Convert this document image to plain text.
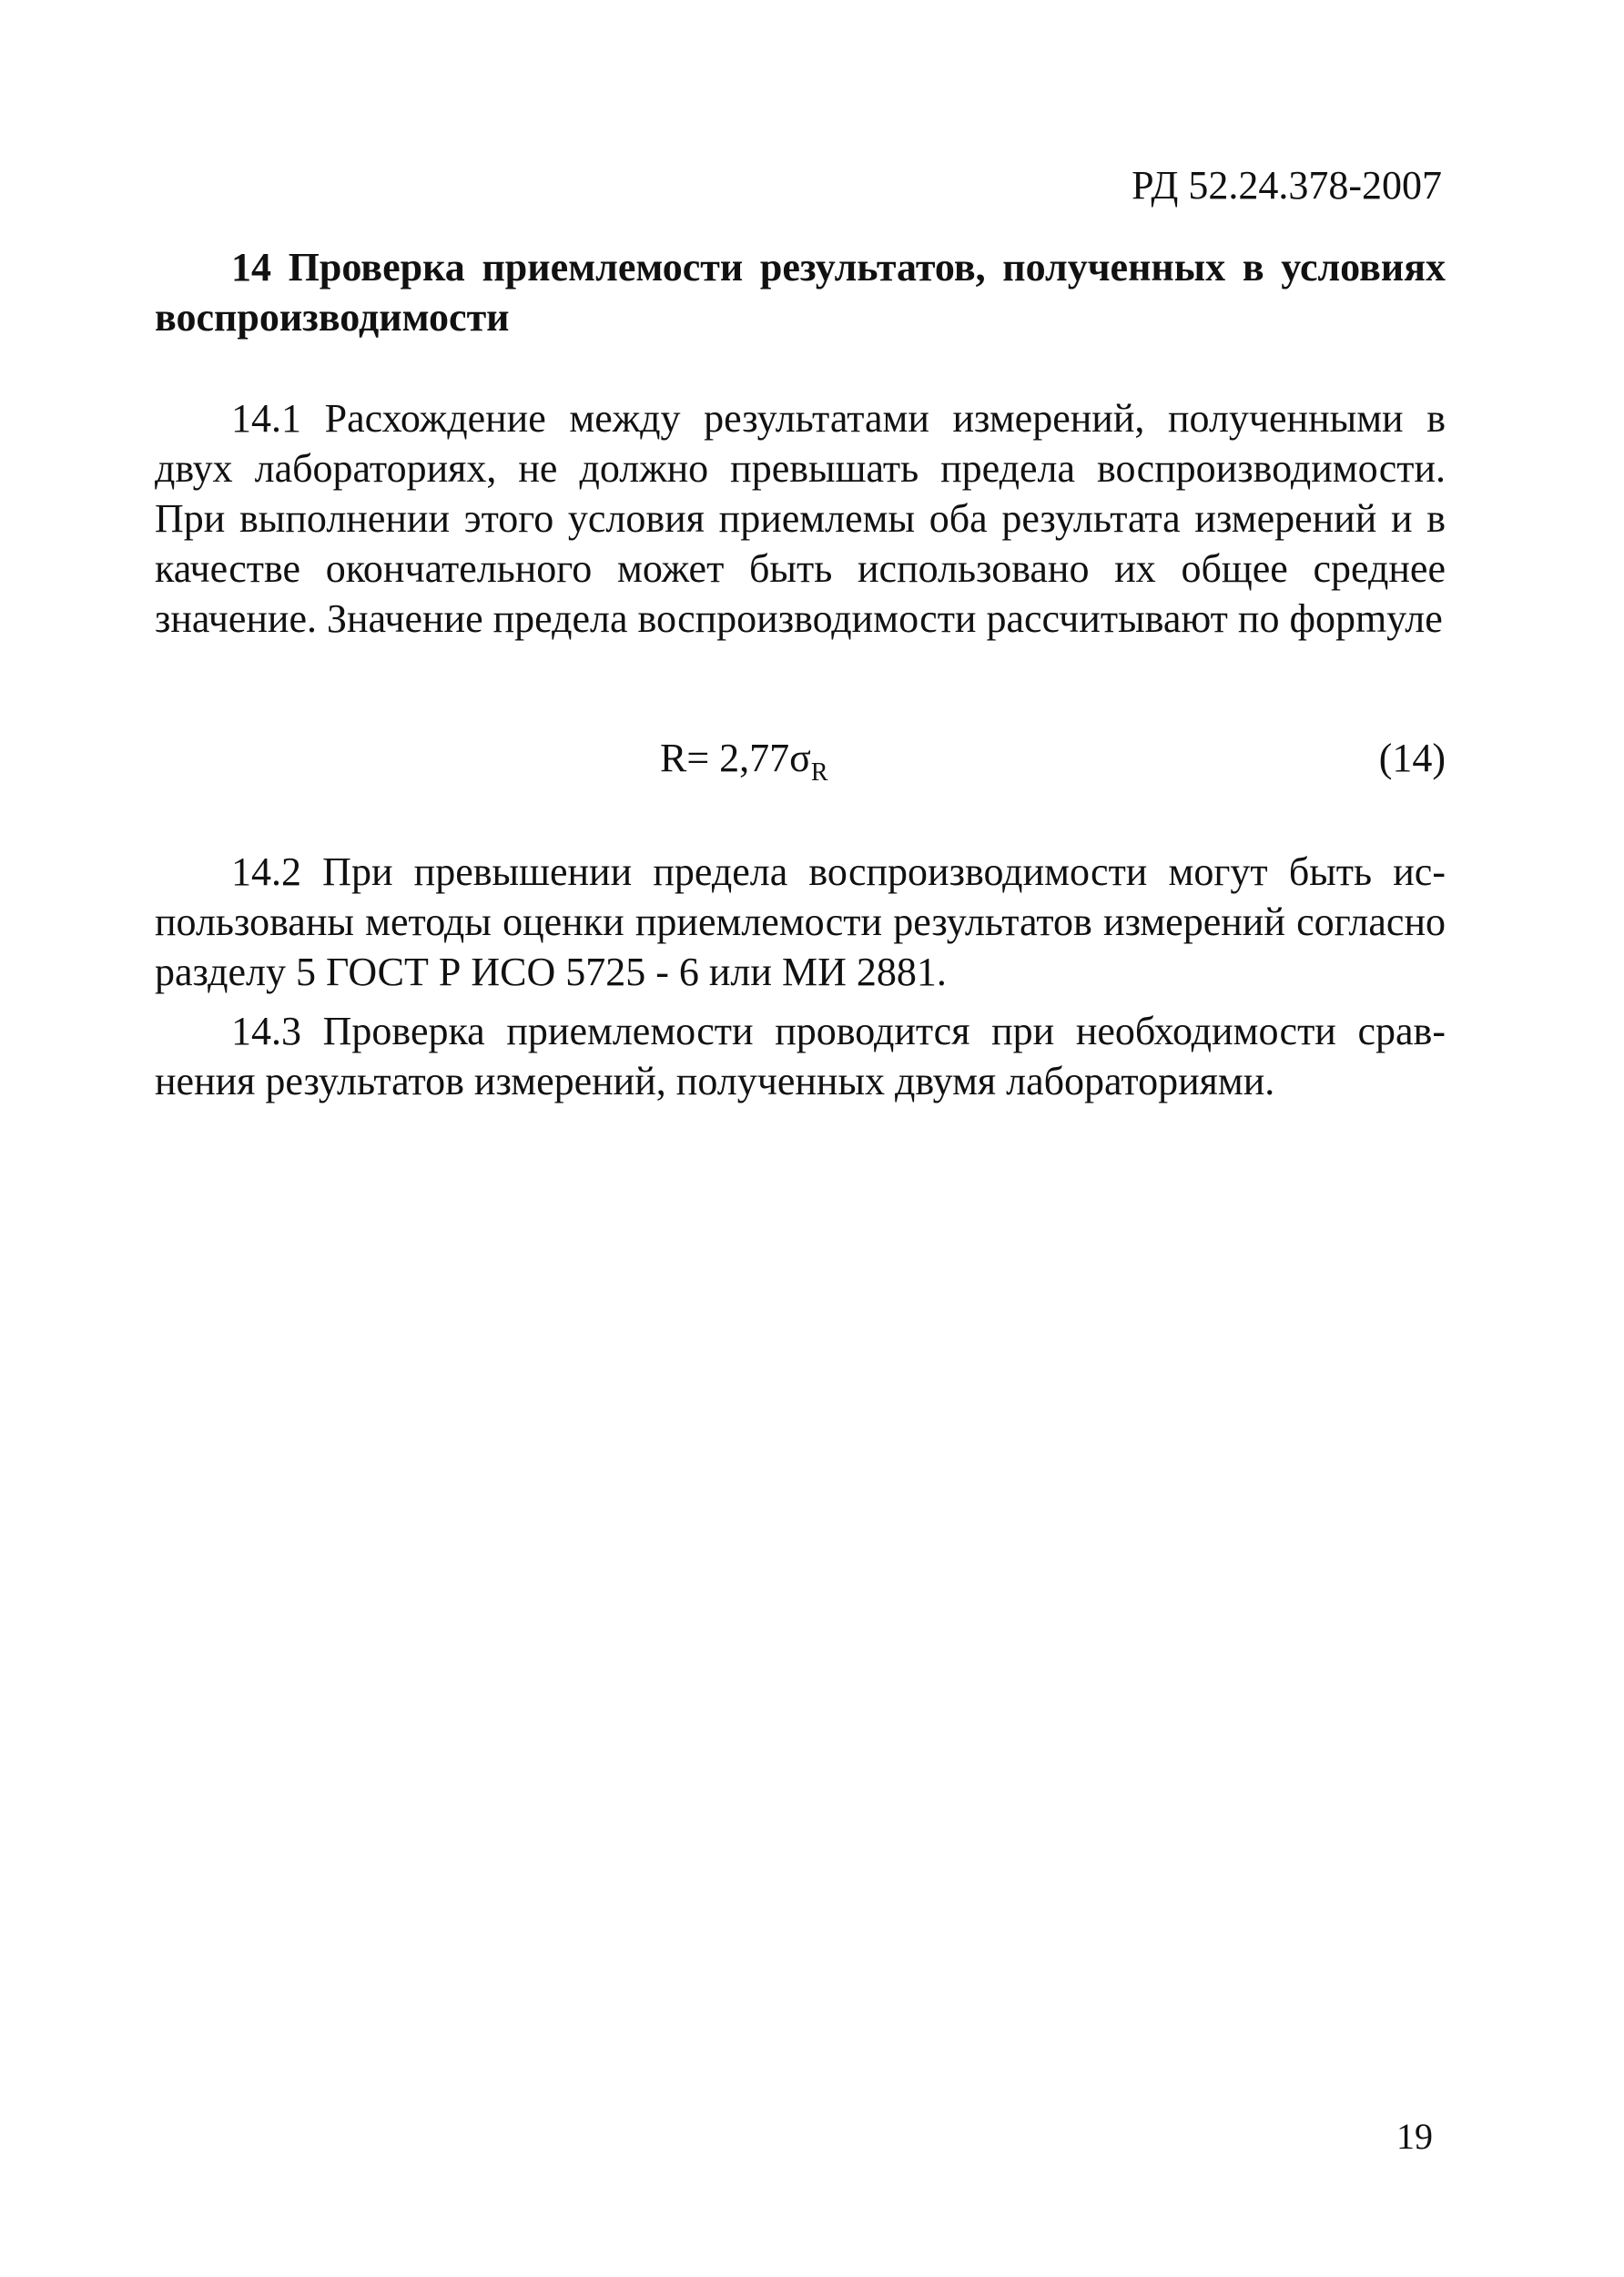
РД 52.24.378-2007
14 Проверка приемлемости результатов, полученных в условиях воспроизводимости
14.1 Расхождение между результатами измерений, полученными в двух лабораториях, не должно превышать предела воспроизводимости. При выполнении этого условия приемлемы оба результата измерений и в качестве окончательного может быть использовано их общее среднее значение. Значение предела воспроизводимости рассчитывают по форmуле
$R= 2,77\sigma_R$	(14)
14.2 При превышении предела воспроизводимости могут быть использованы методы оценки приемлемости результатов измерений согласно разделу 5 ГОСТ Р ИСО 5725 - 6 или МИ 2881.
14.3 Проверка приемлемости проводится при необходимости сравнения результатов измерений, полученных двумя лабораториями.
19
